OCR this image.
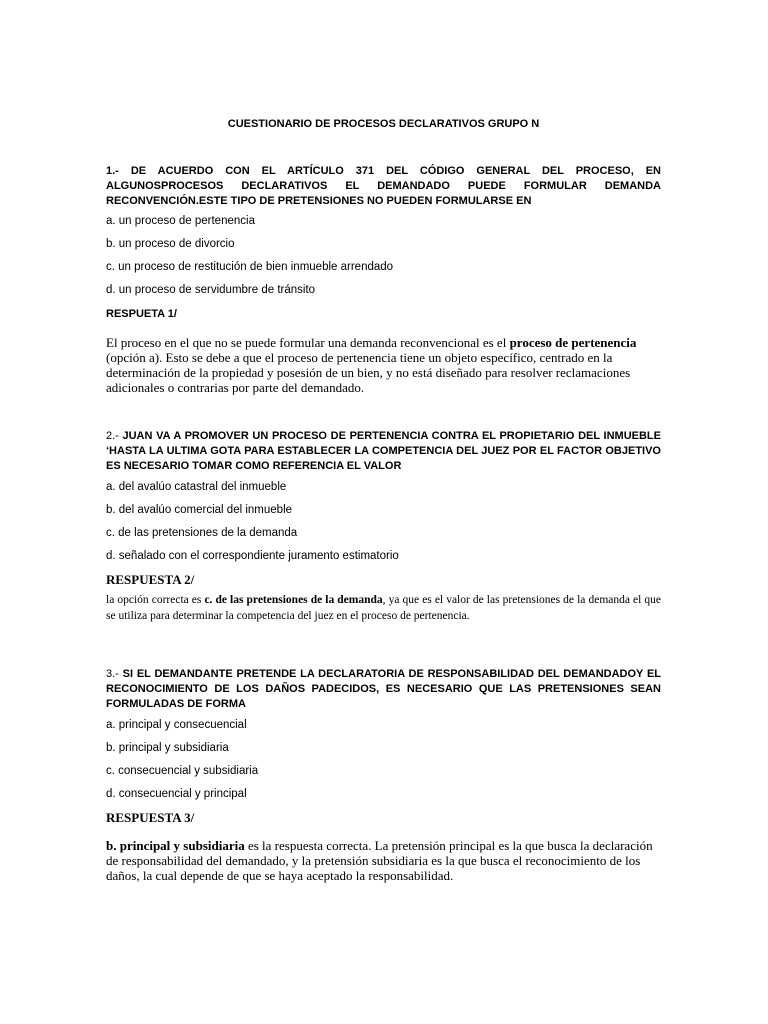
CUESTIONARIO DE PROCESOS DECLARATIVOS GRUPO N
1.- DE ACUERDO CON EL ARTÍCULO 371 DEL CÓDIGO GENERAL DEL PROCESO, EN ALGUNOSPROCESOS DECLARATIVOS EL DEMANDADO PUEDE FORMULAR DEMANDA RECONVENCIÓN.ESTE TIPO DE PRETENSIONES NO PUEDEN FORMULARSE EN
a. un proceso de pertenencia
b. un proceso de divorcio
c. un proceso de restitución de bien inmueble arrendado
d. un proceso de servidumbre de tránsito
RESPUETA 1/
El proceso en el que no se puede formular una demanda reconvencional es el proceso de pertenencia (opción a). Esto se debe a que el proceso de pertenencia tiene un objeto específico, centrado en la determinación de la propiedad y posesión de un bien, y no está diseñado para resolver reclamaciones adicionales o contrarias por parte del demandado.
2.- JUAN VA A PROMOVER UN PROCESO DE PERTENENCIA CONTRA EL PROPIETARIO DEL INMUEBLE ‘HASTA LA ULTIMA GOTA PARA ESTABLECER LA COMPETENCIA DEL JUEZ POR EL FACTOR OBJETIVO ES NECESARIO TOMAR COMO REFERENCIA EL VALOR
a. del avalúo catastral del inmueble
b. del avalúo comercial del inmueble
c. de las pretensiones de la demanda
d. señalado con el correspondiente juramento estimatorio
RESPUESTA 2/
la opción correcta es c. de las pretensiones de la demanda, ya que es el valor de las pretensiones de la demanda el que se utiliza para determinar la competencia del juez en el proceso de pertenencia.
3.- SI EL DEMANDANTE PRETENDE LA DECLARATORIA DE RESPONSABILIDAD DEL DEMANDADOY EL RECONOCIMIENTO DE LOS DAÑOS PADECIDOS, ES NECESARIO QUE LAS PRETENSIONES SEAN FORMULADAS DE FORMA
a. principal y consecuencial
b. principal y subsidiaria
c. consecuencial y subsidiaria
d. consecuencial y principal
RESPUESTA 3/
b. principal y subsidiaria es la respuesta correcta. La pretensión principal es la que busca la declaración de responsabilidad del demandado, y la pretensión subsidiaria es la que busca el reconocimiento de los daños, la cual depende de que se haya aceptado la responsabilidad.
